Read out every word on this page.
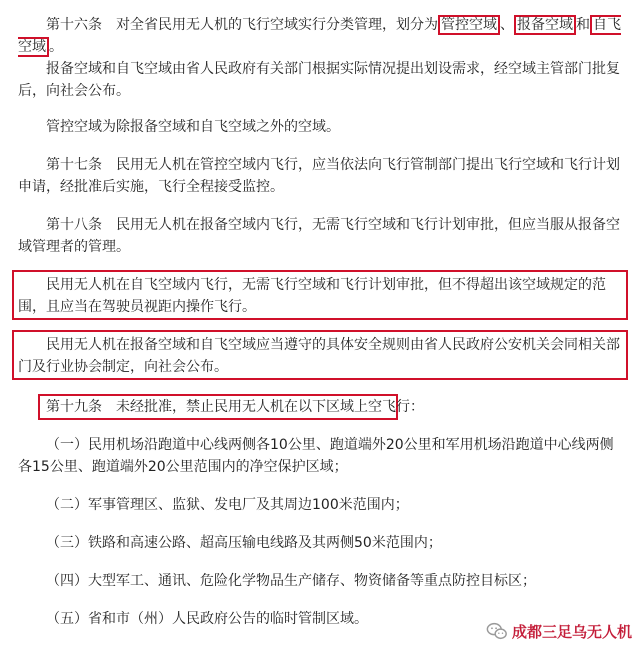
第十六条　对全省民用无人机的飞行空域实行分类管理，划分为 管控空域 、 报备空域 和 自飞空域 。

报备空域和自飞空域由省人民政府有关部门根据实际情况提出划设需求，经空域主管部门批复后，向社会公布。

管控空域为除报备空域和自飞空域之外的空域。

第十七条　民用无人机在管控空域内飞行，应当依法向飞行管制部门提出飞行空域和飞行计划申请，经批准后实施，飞行全程接受监控。

第十八条　民用无人机在报备空域内飞行，无需飞行空域和飞行计划审批，但应当服从报备空域管理者的管理。

民用无人机在自飞空域内飞行，无需飞行空域和飞行计划审批，但不得超出该空域规定的范围，且应当在驾驶员视距内操作飞行。

民用无人机在报备空域和自飞空域应当遵守的具体安全规则由省人民政府公安机关会同相关部门及行业协会制定，向社会公布。

第十九条　未经批准，禁止民用无人机在以下区域上空飞行：

（一）民用机场沿跑道中心线两侧各10公里、跑道端外20公里和军用机场沿跑道中心线两侧各15公里、跑道端外20公里范围内的净空保护区域；

（二）军事管理区、监狱、发电厂及其周边100米范围内；

（三）铁路和高速公路、超高压输电线路及其两侧50米范围内；

（四）大型军工、通讯、危险化学物品生产储存、物资储备等重点防控目标区；

（五）省和市（州）人民政府公告的临时管制区域。

成都三足乌无人机
